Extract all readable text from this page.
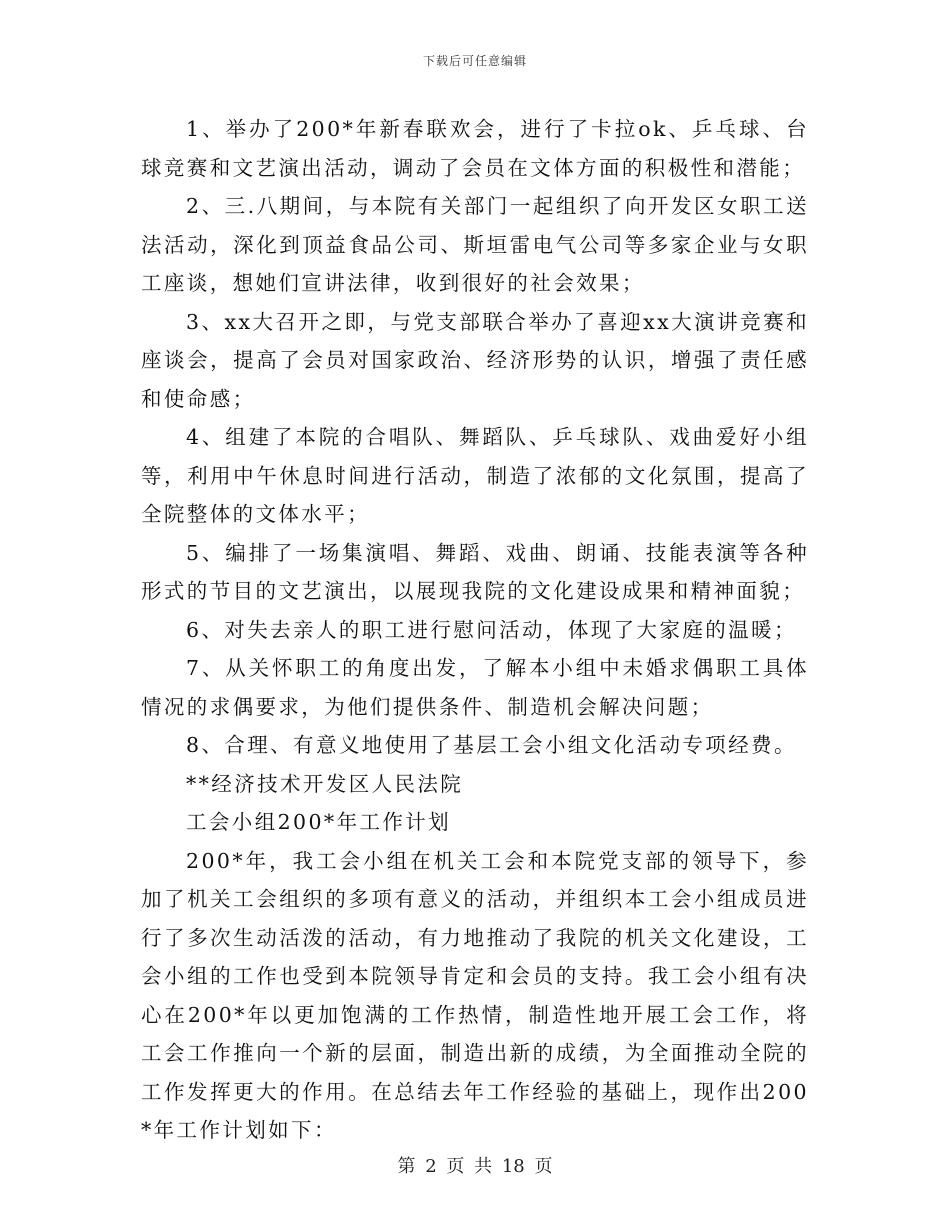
下载后可任意编辑

1、举办了200*年新春联欢会，进行了卡拉ok、乒乓球、台球竞赛和文艺演出活动，调动了会员在文体方面的积极性和潜能；

2、三.八期间，与本院有关部门一起组织了向开发区女职工送法活动，深化到顶益食品公司、斯垣雷电气公司等多家企业与女职工座谈，想她们宣讲法律，收到很好的社会效果；

3、xx大召开之即，与党支部联合举办了喜迎xx大演讲竞赛和座谈会，提高了会员对国家政治、经济形势的认识，增强了责任感和使命感；

4、组建了本院的合唱队、舞蹈队、乒乓球队、戏曲爱好小组等，利用中午休息时间进行活动，制造了浓郁的文化氛围，提高了全院整体的文体水平；

5、编排了一场集演唱、舞蹈、戏曲、朗诵、技能表演等各种形式的节目的文艺演出，以展现我院的文化建设成果和精神面貌；

6、对失去亲人的职工进行慰问活动，体现了大家庭的温暖；

7、从关怀职工的角度出发，了解本小组中未婚求偶职工具体情况的求偶要求，为他们提供条件、制造机会解决问题；

8、合理、有意义地使用了基层工会小组文化活动专项经费。

**经济技术开发区人民法院

工会小组200*年工作计划

200*年，我工会小组在机关工会和本院党支部的领导下，参加了机关工会组织的多项有意义的活动，并组织本工会小组成员进行了多次生动活泼的活动，有力地推动了我院的机关文化建设，工会小组的工作也受到本院领导肯定和会员的支持。我工会小组有决心在200*年以更加饱满的工作热情，制造性地开展工会工作，将工会工作推向一个新的层面，制造出新的成绩，为全面推动全院的工作发挥更大的作用。在总结去年工作经验的基础上，现作出200*年工作计划如下：

第 2 页 共 18 页
